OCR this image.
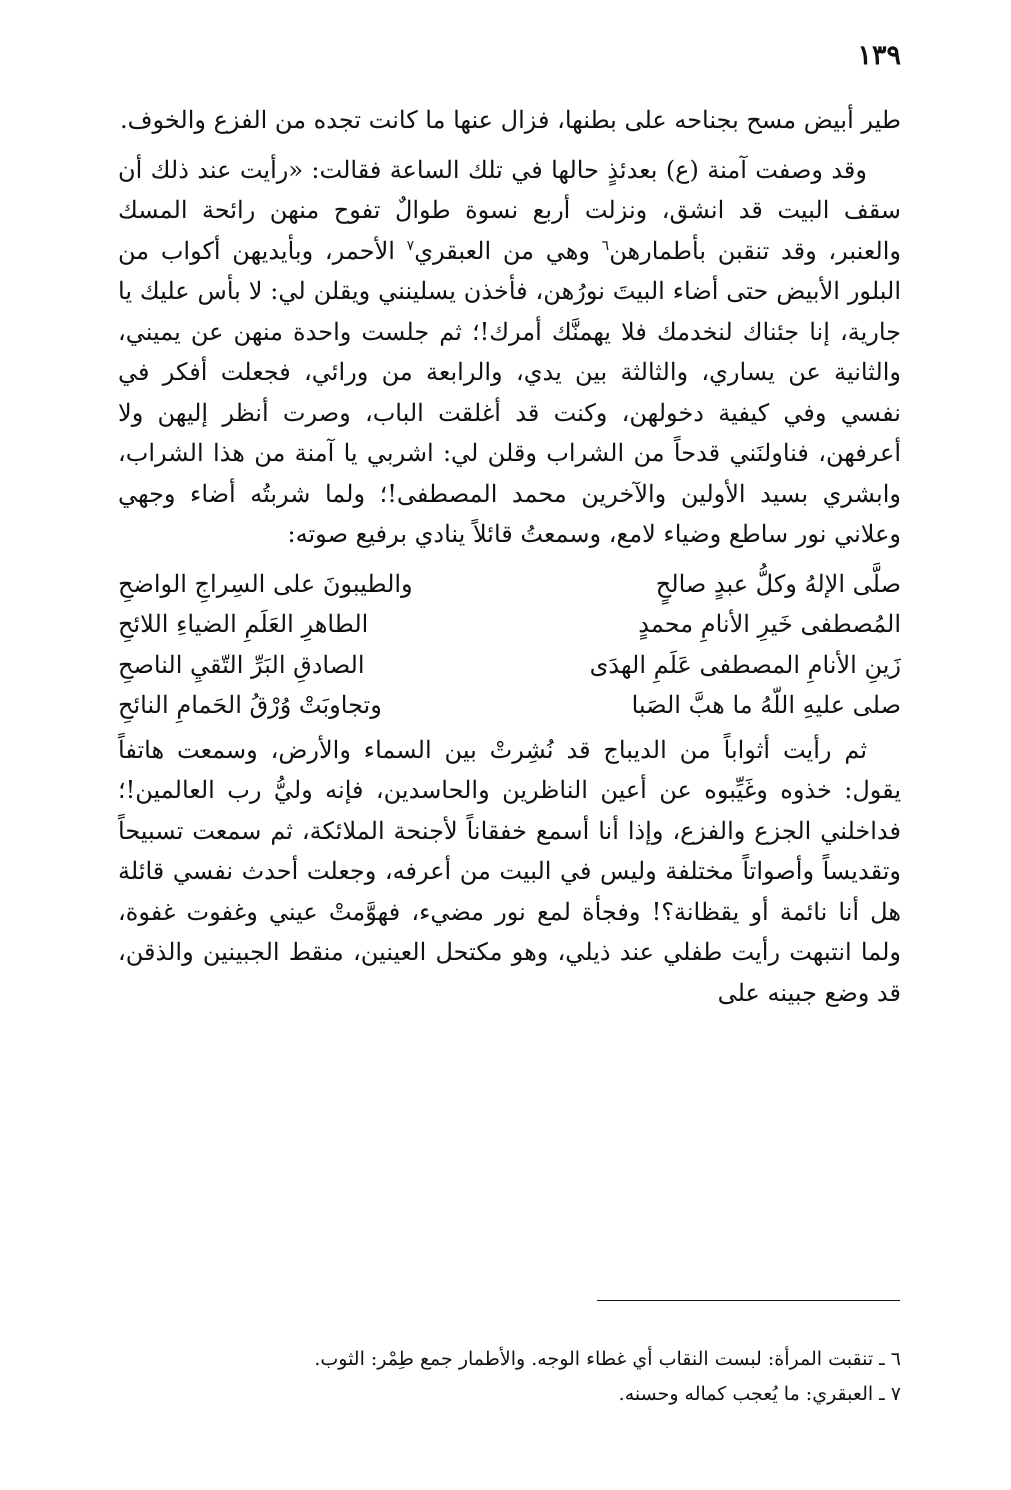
١٣٩

طير أبيض مسح بجناحه على بطنها، فزال عنها ما كانت تجده من الفزع والخوف.

وقد وصفت آمنة (ع) بعدئذٍ حالها في تلك الساعة فقالت: «رأيت عند ذلك أن سقف البيت قد انشق، ونزلت أربع نسوة طوالٌ تفوح منهن رائحة المسك والعنبر، وقد تنقبن بأطمارهن$^٦$ وهي من العبقري$^٧$ الأحمر، وبأيديهن أكواب من البلور الأبيض حتى أضاء البيتَ نورُهن، فأخذن يسلينني ويقلن لي: لا بأس عليك يا جارية، إنا جئناك لنخدمك فلا يهمنَّك أمرك!؛ ثم جلست واحدة منهن عن يميني، والثانية عن يساري، والثالثة بين يدي، والرابعة من ورائي، فجعلت أفكر في نفسي وفي كيفية دخولهن، وكنت قد أغلقت الباب، وصرت أنظر إليهن ولا أعرفهن، فناولنَني قدحاً من الشراب وقلن لي: اشربي يا آمنة من هذا الشراب، وابشري بسيد الأولين والآخرين محمد المصطفى!؛ ولما شربتُه أضاء وجهي وعلاني نور ساطع وضياء لامع، وسمعتُ قائلاً ينادي برفيع صوته:

صلَّى الإلهُ وكلُّ عبدٍ صالحٍ	والطيبونَ على السِراجِ الواضحِ
المُصطفى خَيرِ الأنامِ محمدٍ	الطاهرِ العَلَمِ الضياءِ اللائحِ
زَينِ الأنامِ المصطفى عَلَمِ الهدَى	الصادقِ البَرِّ التّقيِ الناصحِ
صلى عليهِ اللّهُ ما هبَّ الصَبا	وتجاوبَتْ وُرْقُ الحَمامِ النائحِ

ثم رأيت أثواباً من الديباج قد نُشِرتْ بين السماء والأرض، وسمعت هاتفاً يقول: خذوه وغَيِّبوه عن أعين الناظرين والحاسدين، فإنه وليُّ رب العالمين!؛ فداخلني الجزع والفزع، وإذا أنا أسمع خفقاناً لأجنحة الملائكة، ثم سمعت تسبيحاً وتقديساً وأصواتاً مختلفة وليس في البيت من أعرفه، وجعلت أحدث نفسي قائلة هل أنا نائمة أو يقظانة؟! وفجأة لمع نور مضيء، فهوَّمتْ عيني وغفوت غفوة، ولما انتبهت رأيت طفلي عند ذيلي، وهو مكتحل العينين، منقط الجبينين والذقن، قد وضع جبينه على

٦ ـ تنقبت المرأة: لبست النقاب أي غطاء الوجه. والأطمار جمع طِمْر: الثوب.
٧ ـ العبقري: ما يُعجب كماله وحسنه.
